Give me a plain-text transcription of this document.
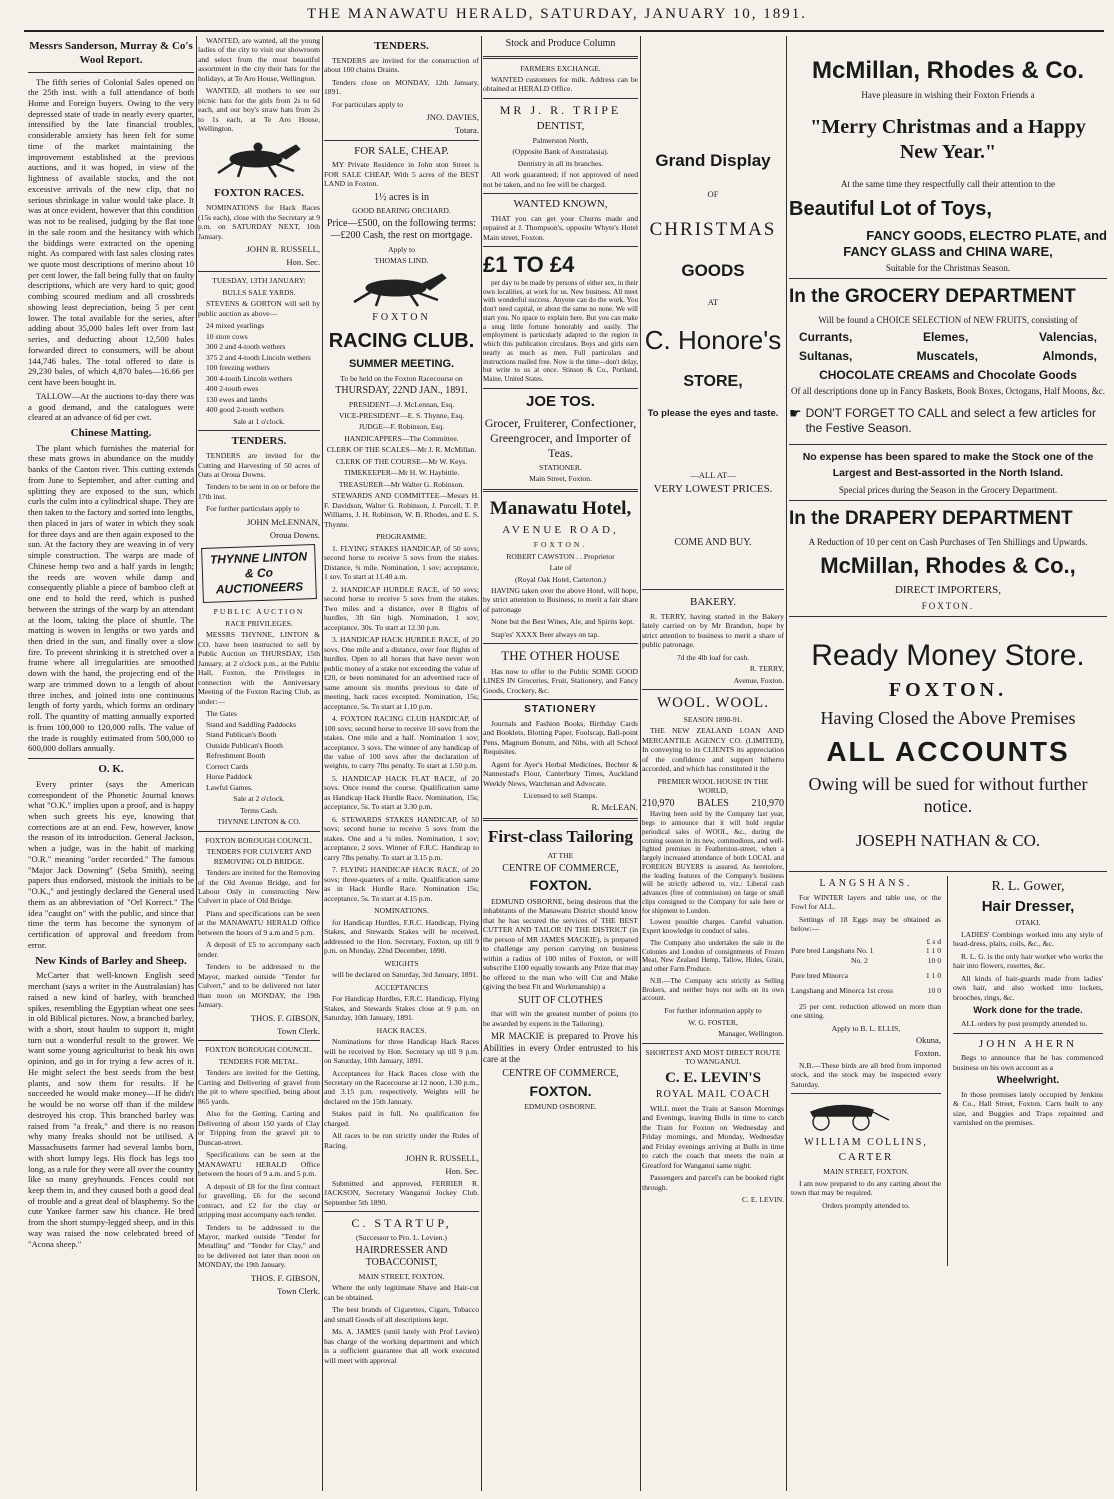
THE MANAWATU HERALD, SATURDAY, JANUARY 10, 1891.
Messrs Sanderson, Murray & Co's Wool Report.

The fifth series of Colonial Sales opened on the 25th inst. with a full attendance of both Home and Foreign buyers. Owing to the very depressed state of trade in nearly every quarter, intensified by the late financial troubles, considerable anxiety has been felt for some time of the market maintaining the improvement established at the previous auctions, and it was hoped, in view of the lightness of available stocks, and the not excessive arrivals of the new clip, that no serious shrinkage in value would take place. It was at once evident, however that this condition was not to be realised, judging by the flat tone in the sale room and the hesitancy with which the biddings were extracted on the opening night. As compared with last sales closing rates we quote most descriptions of merino about 10 per cent lower, the fall being fully that on faulty descriptions, which are very hard to quit; good combing scoured medium and all crossbreds showing least depreciation, being 5 per cent lower. The total available for the series, after adding about 35,000 bales left over from last series, and deducting about 12,500 bales forwarded direct to consumers, will be about 144,746 bales. The total offered to date is 29,230 bales, of which 4,870 bales—16.66 per cent have been bought in.

TALLOW—At the auctions to-day there was a good demand, and the catalogues were cleared at an advance of 6d per cwt.

Chinese Matting.

The plant which furnishes the material for these mats grows in abundance on the muddy banks of the Canton river. This cutting extends from June to September, and after cutting and splitting they are exposed to the sun, which curls the culm into a cylindrical shape. They are then taken to the factory and sorted into lengths, then placed in jars of water in which they soak for three days and are then again exposed to the sun. At the factory they are weaving in of very simple construction. The warps are made of Chinese hemp two and a half yards in length; the reeds are woven while damp and consequently pliable a piece of bamboo cleft at one end to hold the reed, which is pushed between the strings of the warp by an attendant at the loom, taking the place of shuttle. The matting is woven in lengths or two yards and then dried in the sun, and finally over a slow fire. To prevent shrinking it is stretched over a frame where all irregularities are smoothed down with the hand, the projecting end of the warp are trimmed down to a length of about three inches, and joined into one continuous length of forty yards, which forms an ordinary roll. The quantity of matting annually exported is from 100,000 to 120,000 rolls. The value of the trade is roughly estimated from 500,000 to 600,000 dollars annually.

O. K.

Every printer (says the American correspondent of the Phonetic Journal knows what "O.K." implies upon a proof, and is happy when such greets his eye, knowing that corrections are at an end. Few, however, know the reason of its introduction. General Jackson, when a judge, was in the habit of marking "O.R." meaning "order recorded." The famous "Major Jack Downing" (Seba Smith), seeing papers thus endorsed, mistook the initials to be "O.K.," and jestingly declared the General used them as an abbreviation of "Orl Korrect." The idea "caught on" with the public, and since that time the term has become the synonym of certification of approval and freedom from error.

New Kinds of Barley and Sheep.

McCarter that well-known English seed merchant (says a writer in the Australasian) has raised a new kind of barley, with branched spikes, resembling the Egyptian wheat one sees in old Biblical pictures. Now, a branched barley, with a short, stout haulm to support it, might turn out a wonderful result to the grower. We want some young agriculturist to beak his own opinion, and go in for trying a few acres of it. He might select the best seeds from the best plants, and sow them for results. If he succeeded he would make money—If he didn't he would be no worse off than if the mildew destroyed his crop. This branched barley was raised from "a freak," and there is no reason why many freaks should not be utilised. A Massachusetts farmer had several lambs born, with short lumpy legs. His flock has legs too long, as a rule for they were all over the country like so many greyhounds. Fences could not keep them in, and they caused both a good deal of trouble and a great deal of blasphemy. So the cute Yankee farmer saw his chance. He bred from the short stumpy-legged sheep, and in this way was raised the now celebrated breed of "Acona sheep."

WANTED, are wanted, all the young ladies of the city to visit our showroom and select from the most beautiful assortment in the city their hats for the holidays, at Te Aro House, Wellington.

WANTED, all mothers to see our picnic hats for the girls from 2s to 6d each, and our boy's straw hats from 2s to 1s each, at Te Aro House, Wellington.

FOXTON RACES.

NOMINATIONS for Hack Races (15s each), close with the Secretary at 9 p.m. on SATURDAY NEXT, 10th January.

JOHN R. RUSSELL,
Hon. Sec.
TUESDAY, 13TH JANUARY:
BULLS SALE YARDS.

STEVENS & GORTON will sell by public auction as above—

24 mixed yearlings
10 store cows
300 2 and 4-tooth wethers
375 2 and 4-tooth Lincoln wethers
100 freezing wethers
300 4-tooth Lincoln wethers
400 2-tooth ewes
130 ewes and lambs
400 good 2-tooth wethers
Sale at 1 o'clock.
TENDERS.

TENDERS are invited for the Cutting and Harvesting of 50 acres of Oats at Oroua Downs.

Tenders to be sent in on or before the 17th inst.

For further particulars apply to

JOHN McLENNAN,
Oroua Downs.
THYNNE LINTON & Co AUCTIONEERS
PUBLIC AUCTION
RACE PRIVILEGES.

MESSRS THYNNE, LINTON & CO. have been instructed to sell by Public Auction on THURSDAY, 15th January, at 2 o'clock p.m., at the Public Hall, Foxton, the Privileges in connection with the Anniversary Meeting of the Foxton Racing Club, as under:—

The Gates
Stand and Saddling Paddocks
Stand Publican's Booth
Outside Publican's Booth
Refreshment Booth
Correct Cards
Horse Paddock
Lawful Games.
Sale at 2 o'clock.
Terms Cash.
THYNNE LINTON & CO.
FOXTON BOROUGH COUNCIL.
TENDERS FOR CULVERT AND REMOVING OLD BRIDGE.

Tenders are invited for the Removing of the Old Avenue Bridge, and for Labour Only in constructing New Culvert in place of Old Bridge.

Plans and specifications can be seen at the MANAWATU HERALD Office between the hours of 9 a.m and 5 p.m.

A deposit of £5 to accompany each tender.

Tenders to be addressed to the Mayor, marked outside "Tender for Culvert," and to be delivered not later than noon on MONDAY, the 19th January.

THOS. F. GIBSON,
Town Clerk.
FOXTON BOROUGH COUNCIL.
TENDERS FOR METAL.

Tenders are invited for the Getting, Carting and Delivering of gravel from the pit to where specified, being about 865 yards.

Also for the Getting, Carting and Delivering of about 150 yards of Clay or Tripping from the gravel pit to Duncan-street.

Specifications can be seen at the MANAWATU HERALD Office between the hours of 9 a.m. and 5 p.m.

A deposit of £8 for the first contract for gravelling, £6 for the second contract, and £2 for the clay or stripping must accompany each tender.

Tenders to be addressed to the Mayor, marked outside "Tender for Metalling" and "Tender for Clay," and to be delivered not later than noon on MONDAY, the 19th January.

THOS. F. GIBSON,
Town Clerk.
TENDERS.

TENDERS are invited for the construction of about 100 chains Drains.

Tenders close on MONDAY, 12th January, 1891.

For particulars apply to

JNO. DAVIES,
Totara.
FOR SALE, CHEAP.

MY Private Residence in John ston Street is FOR SALE CHEAP, With 5 acres of the BEST LAND in Foxton.

1½ acres is in
GOOD BEARING ORCHARD.
Price—£500, on the following terms:—£200 Cash, the rest on mortgage.
Apply to
THOMAS LIND.
FOXTON
RACING CLUB.
SUMMER MEETING.
To be held on the Foxton Racecourse on
THURSDAY, 22ND JAN., 1891.
PRESIDENT—J. McLennan, Esq.
VICE-PRESIDENT—E. S. Thynne, Esq.
JUDGE—F. Robinson, Esq.
HANDICAPPERS—The Committee.
CLERK OF THE SCALES—Mr J. R. McMillan.
CLERK OF THE COURSE—Mr W. Keys.
TIMEKEEPER—Mr H. W. Haybittle.
TREASURER—Mr Walter G. Robinson.

STEWARDS AND COMMITTEE—Messrs H. F. Davidson, Walter G. Robinson, J. Purcell, T. P. Williams, J. H. Robinson, W. B. Rhodes, and E. S. Thynne.

PROGRAMME.

1. FLYING STAKES HANDICAP, of 50 sovs; second horse to receive 5 sovs from the stakes. Distance, ¾ mile. Nomination, 1 sov; acceptance, 1 sov. To start at 11.40 a.m.

2. HANDICAP HURDLE RACE, of 50 sovs; second horse to receive 5 sovs from the stakes. Two miles and a distance, over 8 flights of hurdles, 3ft 6in high. Nomination, 1 sov; acceptance, 30s. To start at 12.30 p.m.

3. HANDICAP HACK HURDLE RACE, of 20 sovs. One mile and a distance, over four flights of hurdles. Open to all horses that have never won public money of a stake not exceeding the value of £20, or been nominated for an advertised race of same amount six months previous to date of meeting, hack races excepted. Nomination, 15s; acceptance, 5s. To start at 1.10 p.m.

4. FOXTON RACING CLUB HANDICAP, of 100 sovs; second horse to receive 10 sovs from the stakes. One mile and a half. Nomination 1 sov; acceptance, 3 sovs. The winner of any handicap of the value of 100 sovs after the declaration of weights, to carry 7lbs penalty. To start at 1.50 p.m.

5. HANDICAP HACK FLAT RACE, of 20 sovs. Once round the course. Qualification same as Handicap Hack Hurdle Race. Nomination, 15s; acceptance, 5s. To start at 3.30 p.m.

6. STEWARDS STAKES HANDICAP, of 50 sovs; second horse to receive 5 sovs from the stakes. One and a ¼ miles. Nomination, 1 sov; acceptance, 2 sovs. Winner of F.R.C. Handicap to carry 7lbs penalty. To start at 3.15 p.m.

7. FLYING HANDICAP HACK RACE, of 20 sovs; three-quarters of a mile. Qualification same as in Hack Hurdle Race. Nomination 15s; acceptance, 5s. To start at 4.15 p.m.

NOMINATIONS.

for Handicap Hurdles, F.R.C. Handicap, Flying Stakes, and Stewards Stakes will be received, addressed to the Hon. Secretary, Foxton, up till 9 p.m. on Monday, 22nd December, 1890.

WEIGHTS

will be declared on Saturday, 3rd January, 1891.

ACCEPTANCES

For Handicap Hurdles, F.R.C. Handicap, Flying Stakes, and Stewards Stakes close at 9 p.m. on Saturday, 10th January, 1891.

HACK RACES.

Nominations for three Handicap Hack Races will be received by Hon. Secretary up till 9 p.m. on Saturday, 10th January, 1891.

Acceptances for Hack Races close with the Secretary on the Racecourse at 12 noon, 1.30 p.m., and 3.15 p.m. respectively. Weights will be declared on the 15th January.

Stakes paid in full. No qualification fee charged.

All races to be run strictly under the Rules of Racing.

JOHN R. RUSSELL,
Hon. Sec.

Submitted and approved, FERRIER R. JACKSON, Secretary Wanganui Jockey Club. September 5th 1890.

C. STARTUP,
(Successor to Pro. L. Levien.)
HAIRDRESSER AND TOBACCONIST,
MAIN STREET, FOXTON.

Where the only legitimate Shave and Hair-cut can be obtained.

The best brands of Cigarettes, Cigars, Tobacco and small Goods of all descriptions kept.

Ms. A. JAMES (until lately with Prof Levien) has charge of the working department and which is a sufficient guarantee that all work executed will meet with approval

Stock and Produce Column
FARMERS EXCHANGE.

WANTED customers for milk. Address can be obtained at HERALD Office.

MR J. R. TRIPE
DENTIST,
Palmerston North,
(Opposite Bank of Australasia).
Dentistry in all its branches.

All work guaranteed; if not approved of need not be taken, and no fee will be charged.

WANTED KNOWN,

THAT you can get your Churns made and repaired at J. Thompson's, opposite Whyte's Hotel Main street, Foxton.

£1 TO £4

per day to be made by persons of either sex, in their own localities, at work for us. New business. All meet with wonderful success. Anyone can do the work. You don't need capital, or about the same no none. We will start you. No space to explain here. But you can make a snug little fortune honorably and easily. The employment is particularly adapted to the region in which this publication circulates. Boys and girls earn nearly as much as men. Full particulars and instructions mailed free. Now is the time—don't delay, but write to us at once. Stinson & Co., Portland, Maine, United States.

JOE TOS.
Grocer, Fruiterer, Confectioner, Greengrocer, and Importer of Teas.
STATIONER.
Main Street, Foxton.
Manawatu Hotel,
AVENUE ROAD,
FOXTON.
ROBERT CAWSTON . . Proprietor
Late of
(Royal Oak Hotel, Carterton.)

HAVING taken over the above Hotel, will hope, by strict attention to Business, to merit a fair share of patronage

None but the Best Wines, Ale, and Spirits kept.

Stap'es' XXXX Beer always on tap.

THE OTHER HOUSE

Has now to offer to the Public SOME GOOD LINES IN Groceries, Fruit, Stationery, and Fancy Goods, Crockery, &c.

STATIONERY

Journals and Fashion Books, Birthday Cards and Booklets, Blotting Paper, Foolscap, Ball-point Pens, Magnum Bonum, and Nibs, with all School Requisites.

Agent for Ayer's Herbal Medicines, Bechter & Nannestad's Flour, Canterbury Times, Auckland Weekly News, Watchman and Advocate.

Licensed to sell Stamps.
R. McLEAN.
First-class Tailoring
AT THE
CENTRE OF COMMERCE,
FOXTON.

EDMUND OSBORNE, being desirous that the inhabitants of the Manawatu District should know that he has secured the services of THE BEST CUTTER AND TAILOR IN THE DISTRICT (in the person of MR JAMES MACKIE), is prepared to challenge any person carrying on business within a radius of 100 miles of Foxton, or will subscribe £100 equally towards any Prize that may be offered to the man who will Cut and Make (giving the best Fit and Workmanship) a

SUIT OF CLOTHES

that will win the greatest number of points (to be awarded by experts in the Tailoring).

MR MACKIE is prepared to Prove his Abilities in every Order entrusted to his care at the

CENTRE OF COMMERCE,
FOXTON.
EDMUND OSBORNE.
Grand Display
OF
CHRISTMAS
GOODS
AT
C. Honore's
STORE,
To please the eyes and taste.
—ALL AT—
VERY LOWEST PRICES.
COME AND BUY.
BAKERY.

R. TERRY, having started in the Bakery lately carried on by Mr Brandon, hope by strict attention to business to merit a share of public patronage.

7d the 4lb loaf for cash.
R. TERRY,
Avenue, Foxton.
WOOL. WOOL.
SEASON 1890-91.

THE NEW ZEALAND LOAN AND MERCANTILE AGENCY CO. (LIMITED), In conveying to its CLIENTS its appreciation of the confidence and support hitherto accorded, and which has constituted it the

PREMIER WOOL HOUSE IN THE WORLD,
210,970 BALES 210,970

Having been sold by the Company last year, begs to announce that it will hold regular periodical sales of WOOL, &c., during the coming season in its new, commodious, and well-lighted premises in Featherston-street, when a largely increased attendance of both LOCAL and FOREIGN BUYERS is assured. As heretofore, the leading features of the Company's business will be strictly adhered to, viz.: Liberal cash advances (free of commission) on large or small clips consigned to the Company for sale here or for shipment to London.

Lowest possible charges. Careful valuation. Expert knowledge in conduct of sales.

The Company also undertakes the sale in the Colonies and London of consignments of Frozen Meat, New Zealand Hemp, Tallow, Hides, Grain, and other Farm Produce.

N.B.—The Company acts strictly as Selling Brokers, and neither buys nor sells on its own account.

For further information apply to
W. G. FOSTER,
Manager, Wellington.
SHORTEST AND MOST DIRECT ROUTE TO WANGANUI.
C. E. LEVIN'S
ROYAL MAIL COACH

WILL meet the Train at Sanson Mornings and Evenings, leaving Bulls in time to catch the Train for Foxton on Wednesday and Friday mornings, and Monday, Wednesday and Friday evenings arriving at Bulls in time to catch the coach that meets the train at Greatford for Wanganui same night.

Passengers and parcel's can be booked right through.

C. E. LEVIN.
McMillan, Rhodes & Co.
Have pleasure in wishing their Foxton Friends a
"Merry Christmas and a Happy New Year."
At the same time they respectfully call their attention to the
Beautiful Lot of Toys,
FANCY GOODS, ELECTRO PLATE, and
FANCY GLASS and CHINA WARE,
Suitable for the Christmas Season.
In the GROCERY DEPARTMENT
Will be found a CHOICE SELECTION of NEW FRUITS, consisting of
Currants,	Elemes,	Valencias,
Sultanas,	Muscatels,	Almonds,
CHOCOLATE CREAMS and Chocolate Goods
Of all descriptions done up in Fancy Baskets, Book Boxes, Octogans, Half Moons, &c.
☛ DON'T FORGET TO CALL and select a few articles for the Festive Season.
No expense has been spared to make the Stock one of the Largest and Best-assorted in the North Island.
Special prices during the Season in the Grocery Department.
In the DRAPERY DEPARTMENT
A Reduction of 10 per cent on Cash Purchases of Ten Shillings and Upwards.
McMillan, Rhodes & Co.,
DIRECT IMPORTERS,
FOXTON.
Ready Money Store.
FOXTON.
Having Closed the Above Premises
ALL ACCOUNTS
Owing will be sued for without further notice.
JOSEPH NATHAN & CO.
LANGSHANS.

For WINTER layers and table use, or the Fowl for ALL.

Settings of 18 Eggs may be obtained as below:—

£ s d
Pure bred Langshans No. 1	1 1 0
No. 2	10 0
Pure bred Minorca	1 1 0
Langshang and Minorca 1st cross	10 0

25 per cent. reduction allowed on more than one sitting.

Apply to B. L. ELLIS,
Okuna,
Foxton.

N.B.—These birds are all bred from imported stock, and the stock may be inspected every Saturday.

WILLIAM COLLINS,
CARTER
MAIN STREET, FOXTON.

I am now prepared to do any carting about the town that may be required.

Orders promptly attended to.
R. L. Gower,
Hair Dresser,
OTAKI.

LADIES' Combings worked into any style of head-dress, plaits, coils, &c., &c.

R. L. G. is the only hair worker who works the hair into flowers, rosettes, &c.

All kinds of hair-guards made from ladies' own hair, and also worked into lockets, brooches, rings, &c.

Work done for the trade.

ALL orders by post promptly attended to.

JOHN AHERN

Begs to announce that he has commenced business on his own account as a

Wheelwright.

In those premises lately occupied by Jenkins & Co., Hall Street, Foxton. Carts built to any size, and Buggies and Traps repainted and varnished on the premises.
